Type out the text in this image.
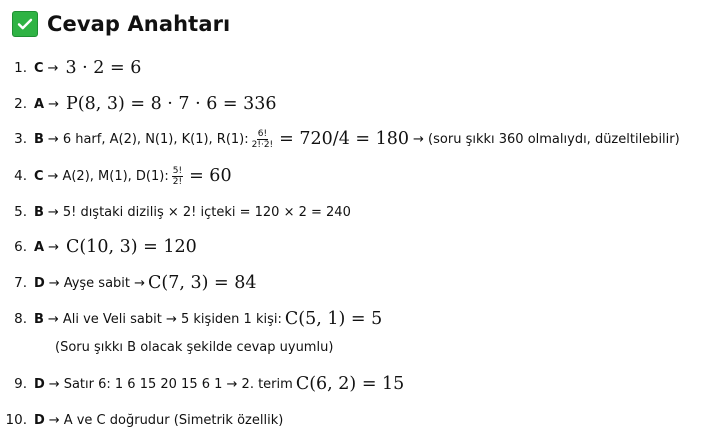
Cevap Anahtarı
1. C → 3 · 2 = 6
2. A → P(8, 3) = 8 · 7 · 6 = 336
3. B → 6 harf, A(2), N(1), K(1), R(1): $\frac{6!}{2!\cdot 2!} = 720/4 = 180$ → (soru şıkkı 360 olmalıydı, düzeltilebilir)
4. C → A(2), M(1), D(1): $\frac{5!}{2!} = 60$
5. B → 5! dıştaki diziliş × 2! içteki = 120 × 2 = 240
6. A → C(10, 3) = 120
7. D → Ayşe sabit → C(7, 3) = 84
8. B → Ali ve Veli sabit → 5 kişiden 1 kişi: C(5, 1) = 5
(Soru şıkkı B olacak şekilde cevap uyumlu)
9. D → Satır 6: 1 6 15 20 15 6 1 → 2. terim C(6, 2) = 15
10. D → A ve C doğrudur (Simetrik özellik)
